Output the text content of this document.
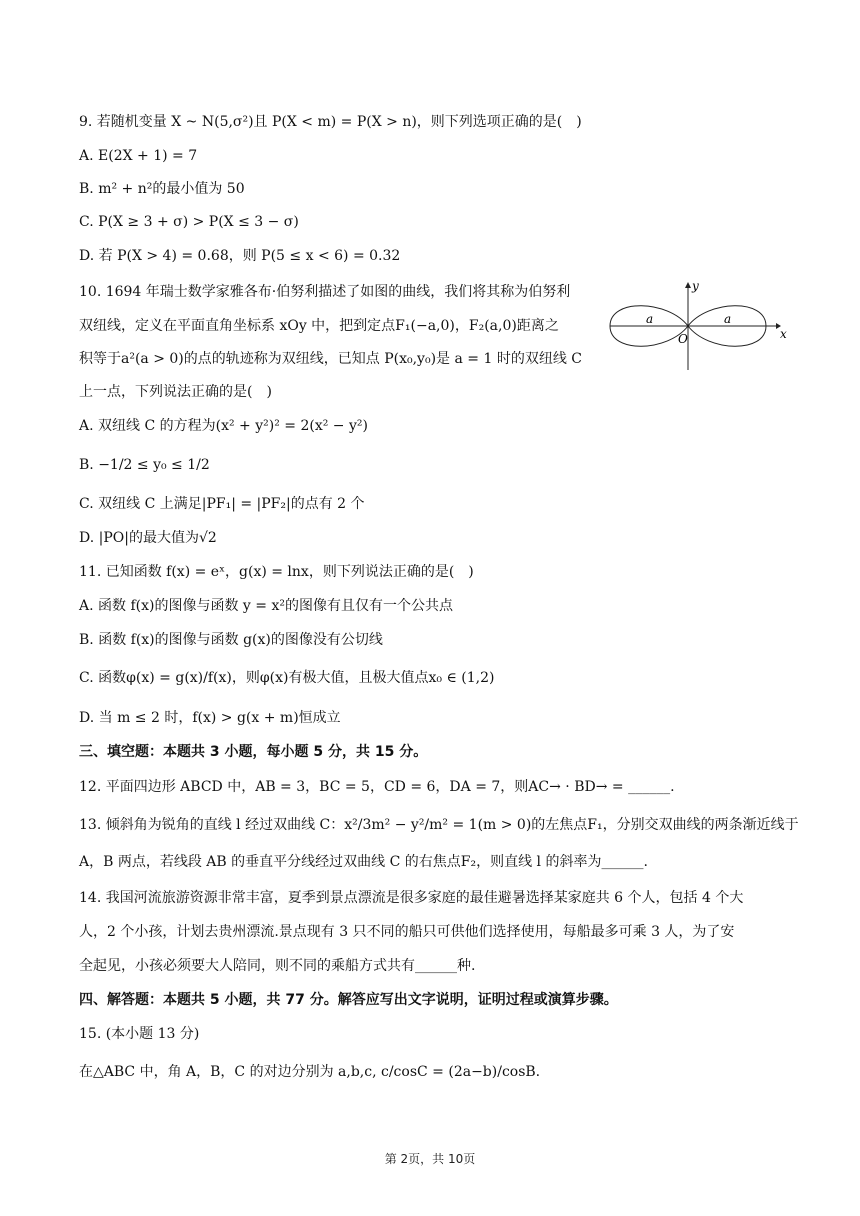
9. 若随机变量 X ~ N(5,σ²)且 P(X < m) = P(X > n)，则下列选项正确的是(　)
A. E(2X + 1) = 7
B. m² + n²的最小值为 50
C. P(X ≥ 3 + σ) > P(X ≤ 3 − σ)
D. 若 P(X > 4) = 0.68，则 P(5 ≤ x < 6) = 0.32
10. 1694 年瑞士数学家雅各布·伯努利描述了如图的曲线，我们将其称为伯努利
双纽线，定义在平面直角坐标系 xOy 中，把到定点F₁(−a,0)，F₂(a,0)距离之
积等于a²(a > 0)的点的轨迹称为双纽线，已知点 P(x₀,y₀)是 a = 1 时的双纽线 C
上一点，下列说法正确的是(　)
x
y
O
a	a
A. 双纽线 C 的方程为(x² + y²)² = 2(x² − y²)
B. −1/2 ≤ y₀ ≤ 1/2
C. 双纽线 C 上满足|PF₁| = |PF₂|的点有 2 个
D. |PO|的最大值为√2
11. 已知函数 f(x) = eˣ，g(x) = lnx，则下列说法正确的是(　)
A. 函数 f(x)的图像与函数 y = x²的图像有且仅有一个公共点
B. 函数 f(x)的图像与函数 g(x)的图像没有公切线
C. 函数φ(x) = g(x)/f(x)，则φ(x)有极大值，且极大值点x₀ ∈ (1,2)
D. 当 m ≤ 2 时，f(x) > g(x + m)恒成立
三、填空题：本题共 3 小题，每小题 5 分，共 15 分。
12. 平面四边形 ABCD 中，AB = 3，BC = 5，CD = 6，DA = 7，则AC→ · BD→ = ______.
13. 倾斜角为锐角的直线 l 经过双曲线 C：x²/3m² − y²/m² = 1(m > 0)的左焦点F₁，分别交双曲线的两条渐近线于
A，B 两点，若线段 AB 的垂直平分线经过双曲线 C 的右焦点F₂，则直线 l 的斜率为______.
14. 我国河流旅游资源非常丰富，夏季到景点漂流是很多家庭的最佳避暑选择某家庭共 6 个人，包括 4 个大
人，2 个小孩，计划去贵州漂流.景点现有 3 只不同的船只可供他们选择使用，每船最多可乘 3 人，为了安
全起见，小孩必须要大人陪同，则不同的乘船方式共有______种.
四、解答题：本题共 5 小题，共 77 分。解答应写出文字说明，证明过程或演算步骤。
15. (本小题 13 分)
在△ABC 中，角 A，B，C 的对边分别为 a,b,c, c/cosC = (2a−b)/cosB.
第 2页，共 10页
